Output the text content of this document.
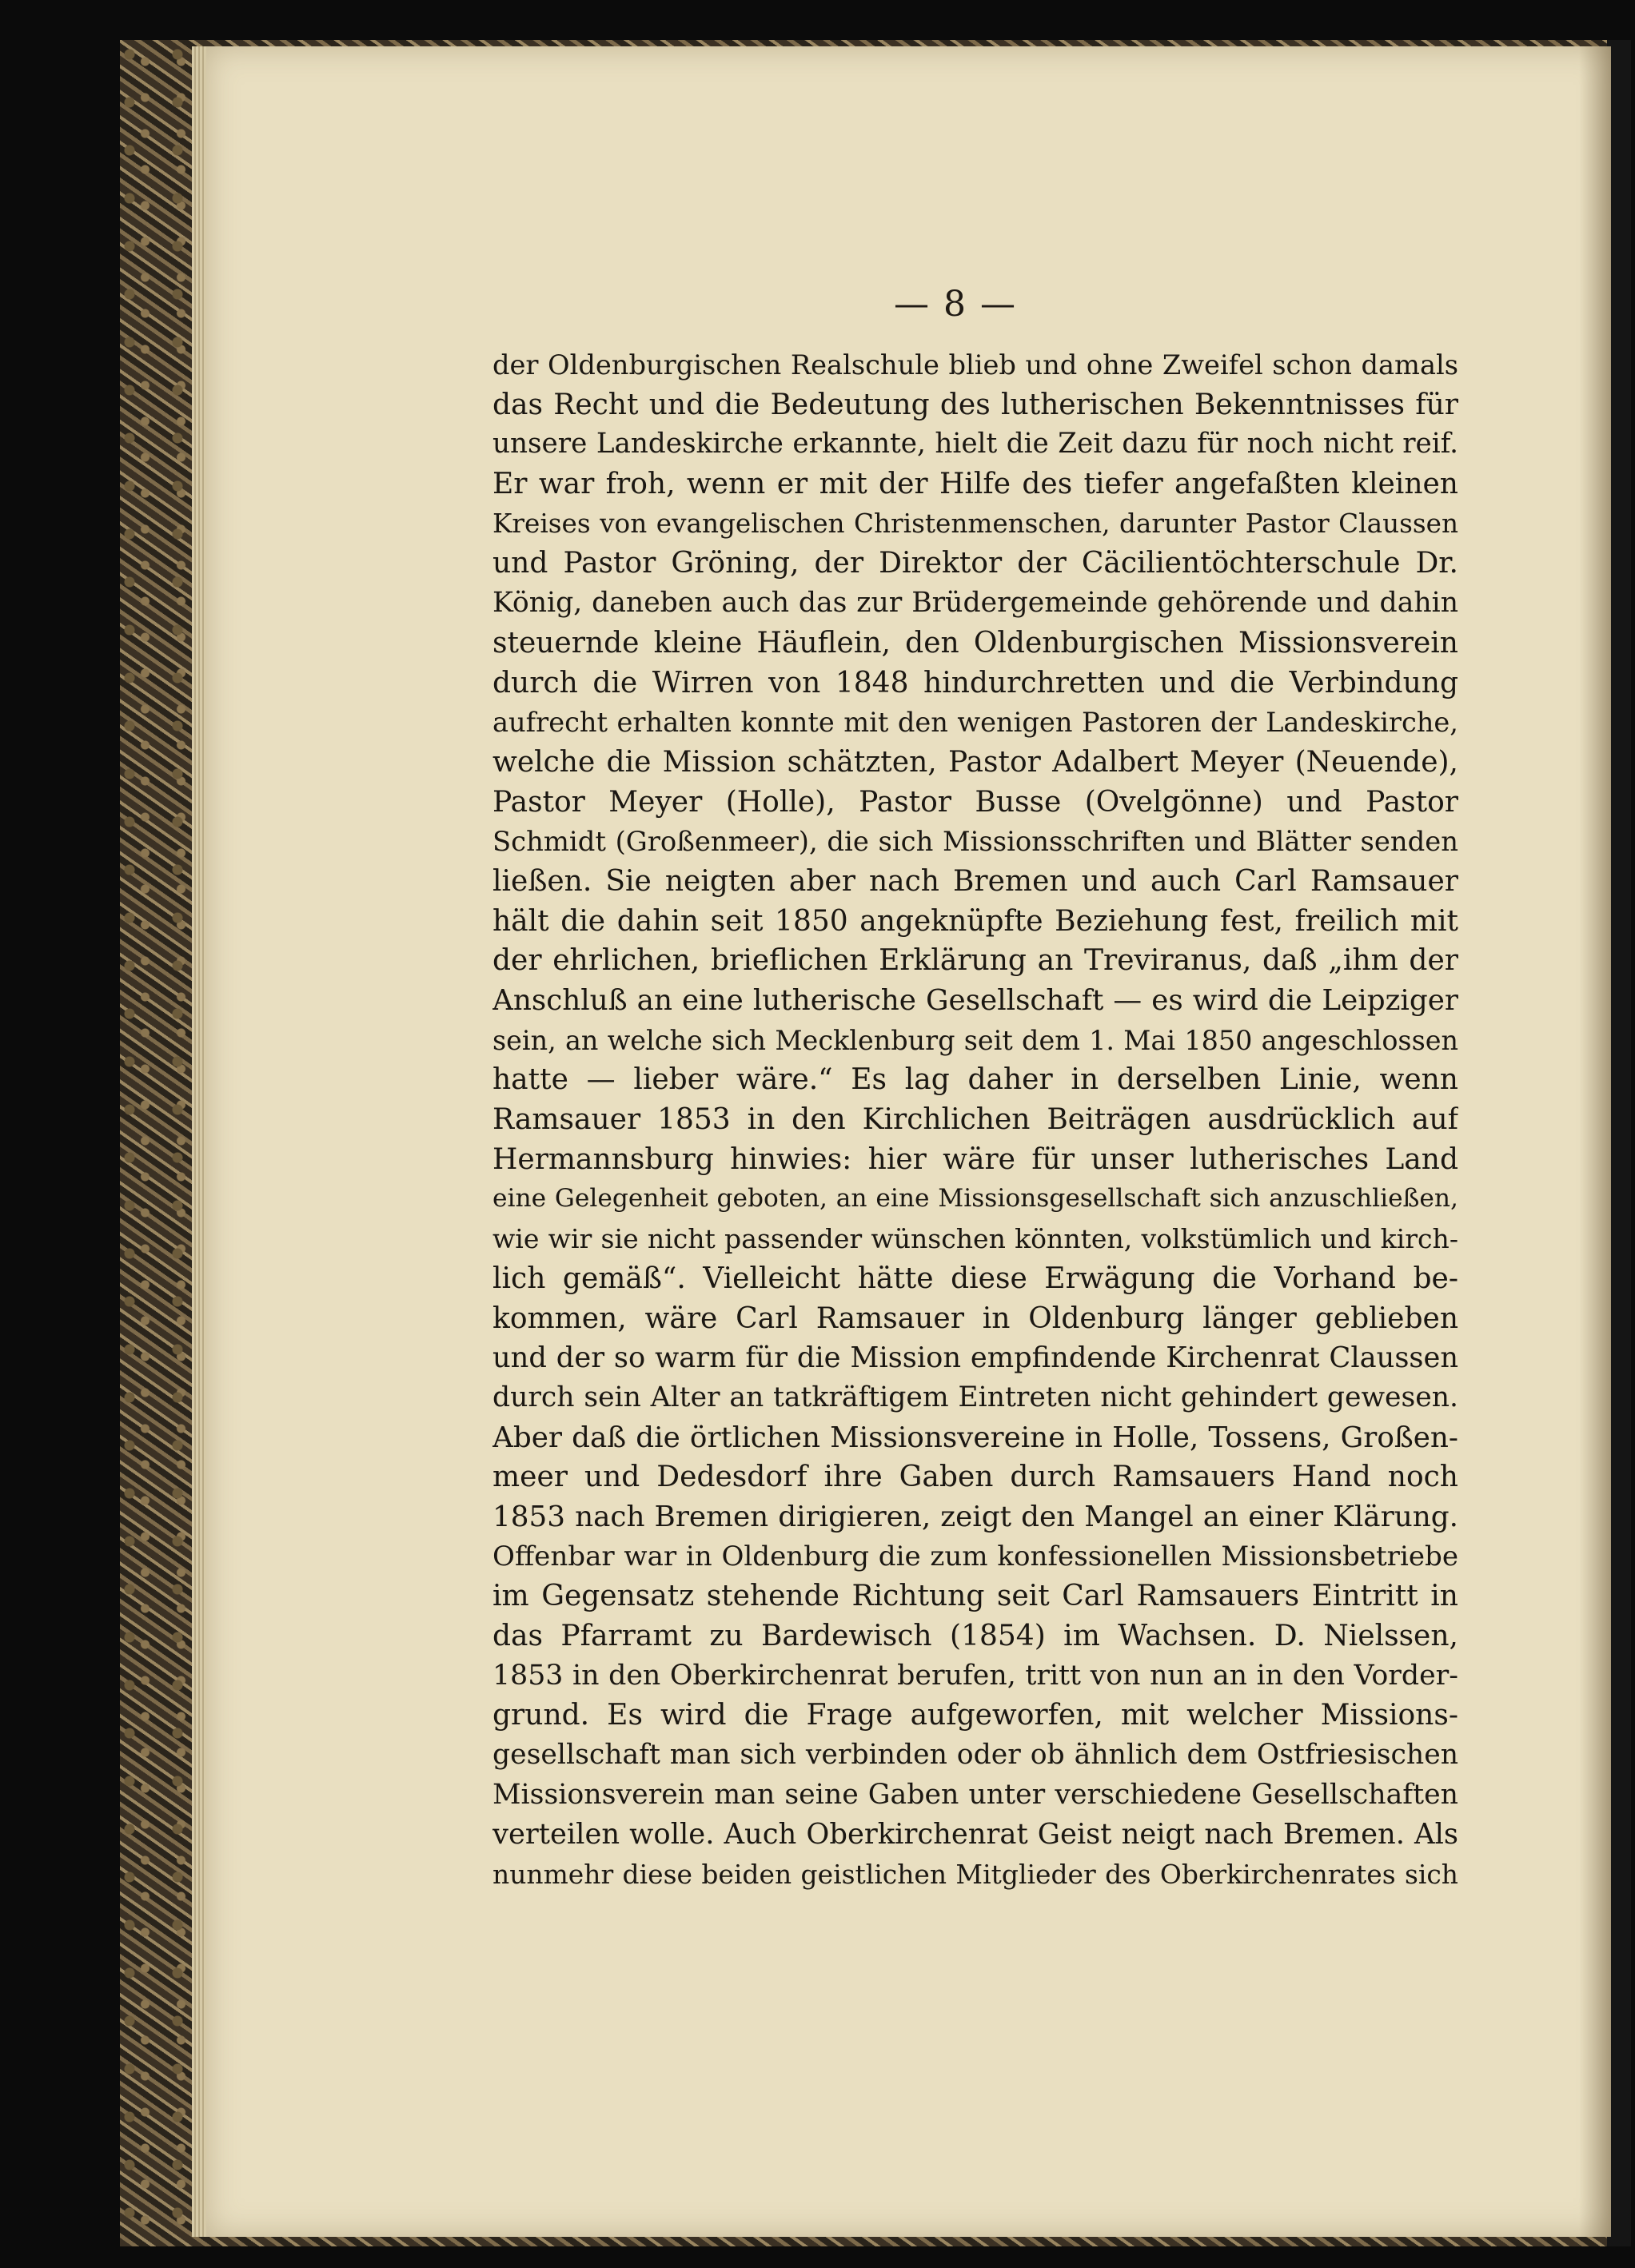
— 8 —
der Oldenburgischen Realschule blieb und ohne Zweifel schon damals
das Recht und die Bedeutung des lutherischen Bekenntnisses für
unsere Landeskirche erkannte, hielt die Zeit dazu für noch nicht reif.
Er war froh, wenn er mit der Hilfe des tiefer angefaßten kleinen
Kreises von evangelischen Christenmenschen, darunter Pastor Claussen
und Pastor Gröning, der Direktor der Cäcilientöchterschule Dr.
König, daneben auch das zur Brüdergemeinde gehörende und dahin
steuernde kleine Häuflein, den Oldenburgischen Missionsverein
durch die Wirren von 1848 hindurchretten und die Verbindung
aufrecht erhalten konnte mit den wenigen Pastoren der Landeskirche,
welche die Mission schätzten, Pastor Adalbert Meyer (Neuende),
Pastor Meyer (Holle), Pastor Busse (Ovelgönne) und Pastor
Schmidt (Großenmeer), die sich Missionsschriften und Blätter senden
ließen. Sie neigten aber nach Bremen und auch Carl Ramsauer
hält die dahin seit 1850 angeknüpfte Beziehung fest, freilich mit
der ehrlichen, brieflichen Erklärung an Treviranus, daß „ihm der
Anschluß an eine lutherische Gesellschaft — es wird die Leipziger
sein, an welche sich Mecklenburg seit dem 1. Mai 1850 angeschlossen
hatte — lieber wäre.“ Es lag daher in derselben Linie, wenn
Ramsauer 1853 in den Kirchlichen Beiträgen ausdrücklich auf
Hermannsburg hinwies: hier wäre für unser lutherisches Land
eine Gelegenheit geboten, an eine Missionsgesellschaft sich anzuschließen,
wie wir sie nicht passender wünschen könnten, volkstümlich und kirch-
lich gemäß“. Vielleicht hätte diese Erwägung die Vorhand be-
kommen, wäre Carl Ramsauer in Oldenburg länger geblieben
und der so warm für die Mission empfindende Kirchenrat Claussen
durch sein Alter an tatkräftigem Eintreten nicht gehindert gewesen.
Aber daß die örtlichen Missionsvereine in Holle, Tossens, Großen-
meer und Dedesdorf ihre Gaben durch Ramsauers Hand noch
1853 nach Bremen dirigieren, zeigt den Mangel an einer Klärung.
Offenbar war in Oldenburg die zum konfessionellen Missionsbetriebe
im Gegensatz stehende Richtung seit Carl Ramsauers Eintritt in
das Pfarramt zu Bardewisch (1854) im Wachsen. D. Nielssen,
1853 in den Oberkirchenrat berufen, tritt von nun an in den Vorder-
grund. Es wird die Frage aufgeworfen, mit welcher Missions-
gesellschaft man sich verbinden oder ob ähnlich dem Ostfriesischen
Missionsverein man seine Gaben unter verschiedene Gesellschaften
verteilen wolle. Auch Oberkirchenrat Geist neigt nach Bremen. Als
nunmehr diese beiden geistlichen Mitglieder des Oberkirchenrates sich
